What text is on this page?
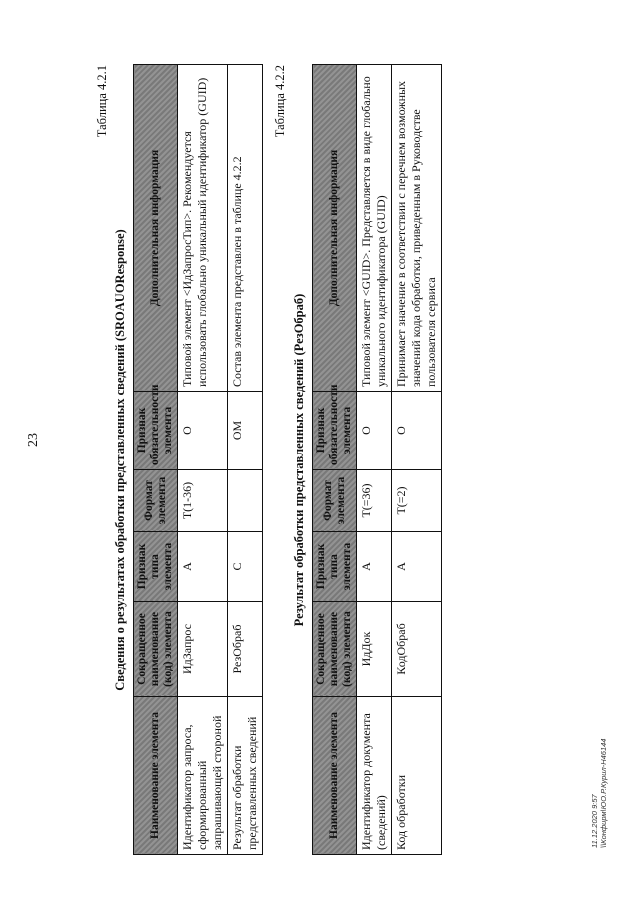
23
11.12.2020 9:57 \\Конфирм\ЮО.Р.Курил-Н46144
Таблица 4.2.1
Сведения о результатах обработки представленных сведений (SROAUOResponse)
Наименование элемента	Сокращенное наименование (код) элемента	Признак типа элемента	Формат элемента	Признак обязательности элемента	Дополнительная информация
Идентификатор запроса, сформированный запрашивающей стороной	ИдЗапрос	А	Т(1-36)	О	Типовой элемент <ИдЗапросТип>. Рекомендуется использовать глобально уникальный идентификатор (GUID)
Результат обработки представленных сведений	РезОбраб	С		ОМ	Состав элемента представлен в таблице 4.2.2
Таблица 4.2.2
Результат обработки представленных сведений (РезОбраб)
Наименование элемента	Сокращенное наименование (код) элемента	Признак типа элемента	Формат элемента	Признак обязательности элемента	Дополнительная информация
Идентификатор документа (сведений)	ИдДок	А	Т(=36)	О	Типовой элемент <GUID>. Представляется в виде глобально уникального идентификатора (GUID)
Код обработки	КодОбраб	А	Т(=2)	О	Принимает значение в соответствии с перечнем возможных значений кода обработки, приведенным в Руководстве пользователя сервиса
